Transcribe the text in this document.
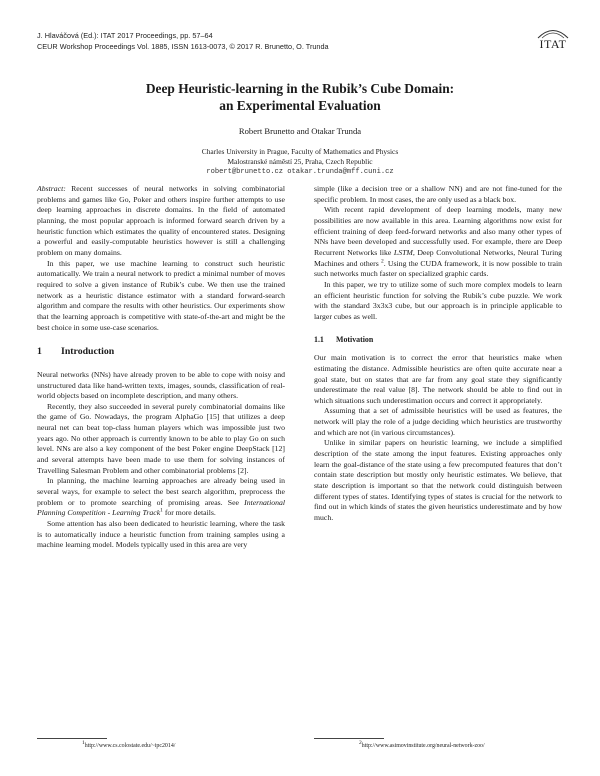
J. Hlaváčová (Ed.): ITAT 2017 Proceedings, pp. 57–64
CEUR Workshop Proceedings Vol. 1885, ISSN 1613-0073, © 2017 R. Brunetto, O. Trunda	ITAT
Deep Heuristic-learning in the Rubik’s Cube Domain:
an Experimental Evaluation
Robert Brunetto and Otakar Trunda
Charles University in Prague, Faculty of Mathematics and Physics
Malostranské náměstí 25, Praha, Czech Republic
robert@brunetto.cz otakar.trunda@mff.cuni.cz

Abstract: Recent successes of neural networks in solving combinatorial problems and games like Go, Poker and others inspire further attempts to use deep learning approaches in discrete domains. In the field of automated planning, the most popular approach is informed forward search driven by a heuristic function which estimates the quality of encountered states. Designing a powerful and easily-computable heuristics however is still a challenging problem on many domains.

In this paper, we use machine learning to construct such heuristic automatically. We train a neural network to predict a minimal number of moves required to solve a given instance of Rubik’s cube. We then use the trained network as a heuristic distance estimator with a standard forward-search algorithm and compare the results with other heuristics. Our experiments show that the learning approach is competitive with state-of-the-art and might be the best choice in some use-case scenarios.

1 Introduction

Neural networks (NNs) have already proven to be able to cope with noisy and unstructured data like hand-written texts, images, sounds, classification of real-world objects based on incomplete description, and many others.

Recently, they also succeeded in several purely combinatorial domains like the game of Go. Nowadays, the program AlphaGo [15] that utilizes a deep neural net can beat top-class human players which was impossible just two years ago. No other approach is currently known to be able to play Go on such level. NNs are also a key component of the best Poker engine DeepStack [12] and several attempts have been made to use them for solving instances of Travelling Salesman Problem and other combinatorial problems [2].

In planning, the machine learning approaches are already being used in several ways, for example to select the best search algorithm, preprocess the problem or to promote searching of promising areas. See International Planning Competition - Learning Track$^1$ for more details.

Some attention has also been dedicated to heuristic learning, where the task is to automatically induce a heuristic function from training samples using a machine learning model. Models typically used in this area are very

simple (like a decision tree or a shallow NN) and are not fine-tuned for the specific problem. In most cases, the are only used as a black box.

With recent rapid development of deep learning models, many new possibilities are now available in this area. Learning algorithms now exist for efficient training of deep feed-forward networks and also many other types of NNs have been developed and successfully used. For example, there are Deep Recurrent Networks like LSTM, Deep Convolutional Networks, Neural Turing Machines and others $^2$. Using the CUDA framework, it is now possible to train such networks much faster on specialized graphic cards.

In this paper, we try to utilize some of such more complex models to learn an efficient heuristic function for solving the Rubik’s cube puzzle. We work with the standard 3x3x3 cube, but our approach is in principle applicable to larger cubes as well.

1.1 Motivation

Our main motivation is to correct the error that heuristics make when estimating the distance. Admissible heuristics are often quite accurate near a goal state, but on states that are far from any goal state they significantly underestimate the real value [8]. The network should be able to find out in which situations such underestimation occurs and correct it appropriately.

Assuming that a set of admissible heuristics will be used as features, the network will play the role of a judge deciding which heuristics are trustworthy and which are not (in various circumstances).

Unlike in similar papers on heuristic learning, we include a simplified description of the state among the input features. Existing approaches only learn the goal-distance of the state using a few precomputed features that don’t contain state description but mostly only heuristic estimates. We believe, that state description is important so that the network could distinguish between different types of states. Identifying types of states is crucial for the network to find out in which kinds of states the given heuristics underestimate and by how much.

$^1$http://www.cs.colostate.edu/~ipc2014/	$^2$http://www.asimovinstitute.org/neural-network-zoo/
